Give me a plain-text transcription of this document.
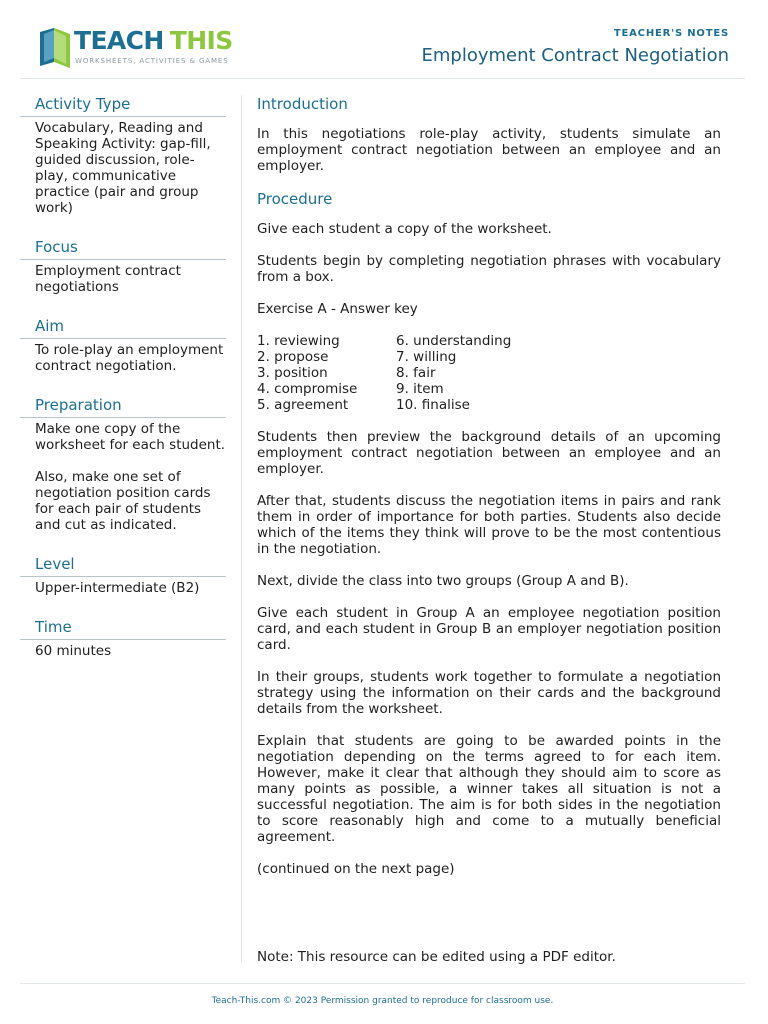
TEACH THIS
WORKSHEETS, ACTIVITIES & GAMES
TEACHER'S NOTES
Employment Contract Negotiation
Activity Type

Vocabulary, Reading and Speaking Activity: gap-fill, guided discussion, role-play, communicative practice (pair and group work)

Focus

Employment contract negotiations

Aim

To role-play an employment contract negotiation.

Preparation

Make one copy of the worksheet for each student.

Also, make one set of negotiation position cards for each pair of students and cut as indicated.

Level

Upper-intermediate (B2)

Time

60 minutes

Introduction

In this negotiations role-play activity, students simulate an employment contract negotiation between an employee and an employer.

Procedure

Give each student a copy of the worksheet.

Students begin by completing negotiation phrases with vocabulary from a box.

Exercise A - Answer key

1. reviewing	6. understanding
2. propose	7. willing
3. position	8. fair
4. compromise	9. item
5. agreement	10. finalise

Students then preview the background details of an upcoming employment contract negotiation between an employee and an employer.

After that, students discuss the negotiation items in pairs and rank them in order of importance for both parties. Students also decide which of the items they think will prove to be the most contentious in the negotiation.

Next, divide the class into two groups (Group A and B).

Give each student in Group A an employee negotiation position card, and each student in Group B an employer negotiation position card.

In their groups, students work together to formulate a negotiation strategy using the information on their cards and the background details from the worksheet.

Explain that students are going to be awarded points in the negotiation depending on the terms agreed to for each item. However, make it clear that although they should aim to score as many points as possible, a winner takes all situation is not a successful negotiation. The aim is for both sides in the negotiation to score reasonably high and come to a mutually beneficial agreement.

(continued on the next page)

Note: This resource can be edited using a PDF editor.
Teach-This.com © 2023 Permission granted to reproduce for classroom use.
